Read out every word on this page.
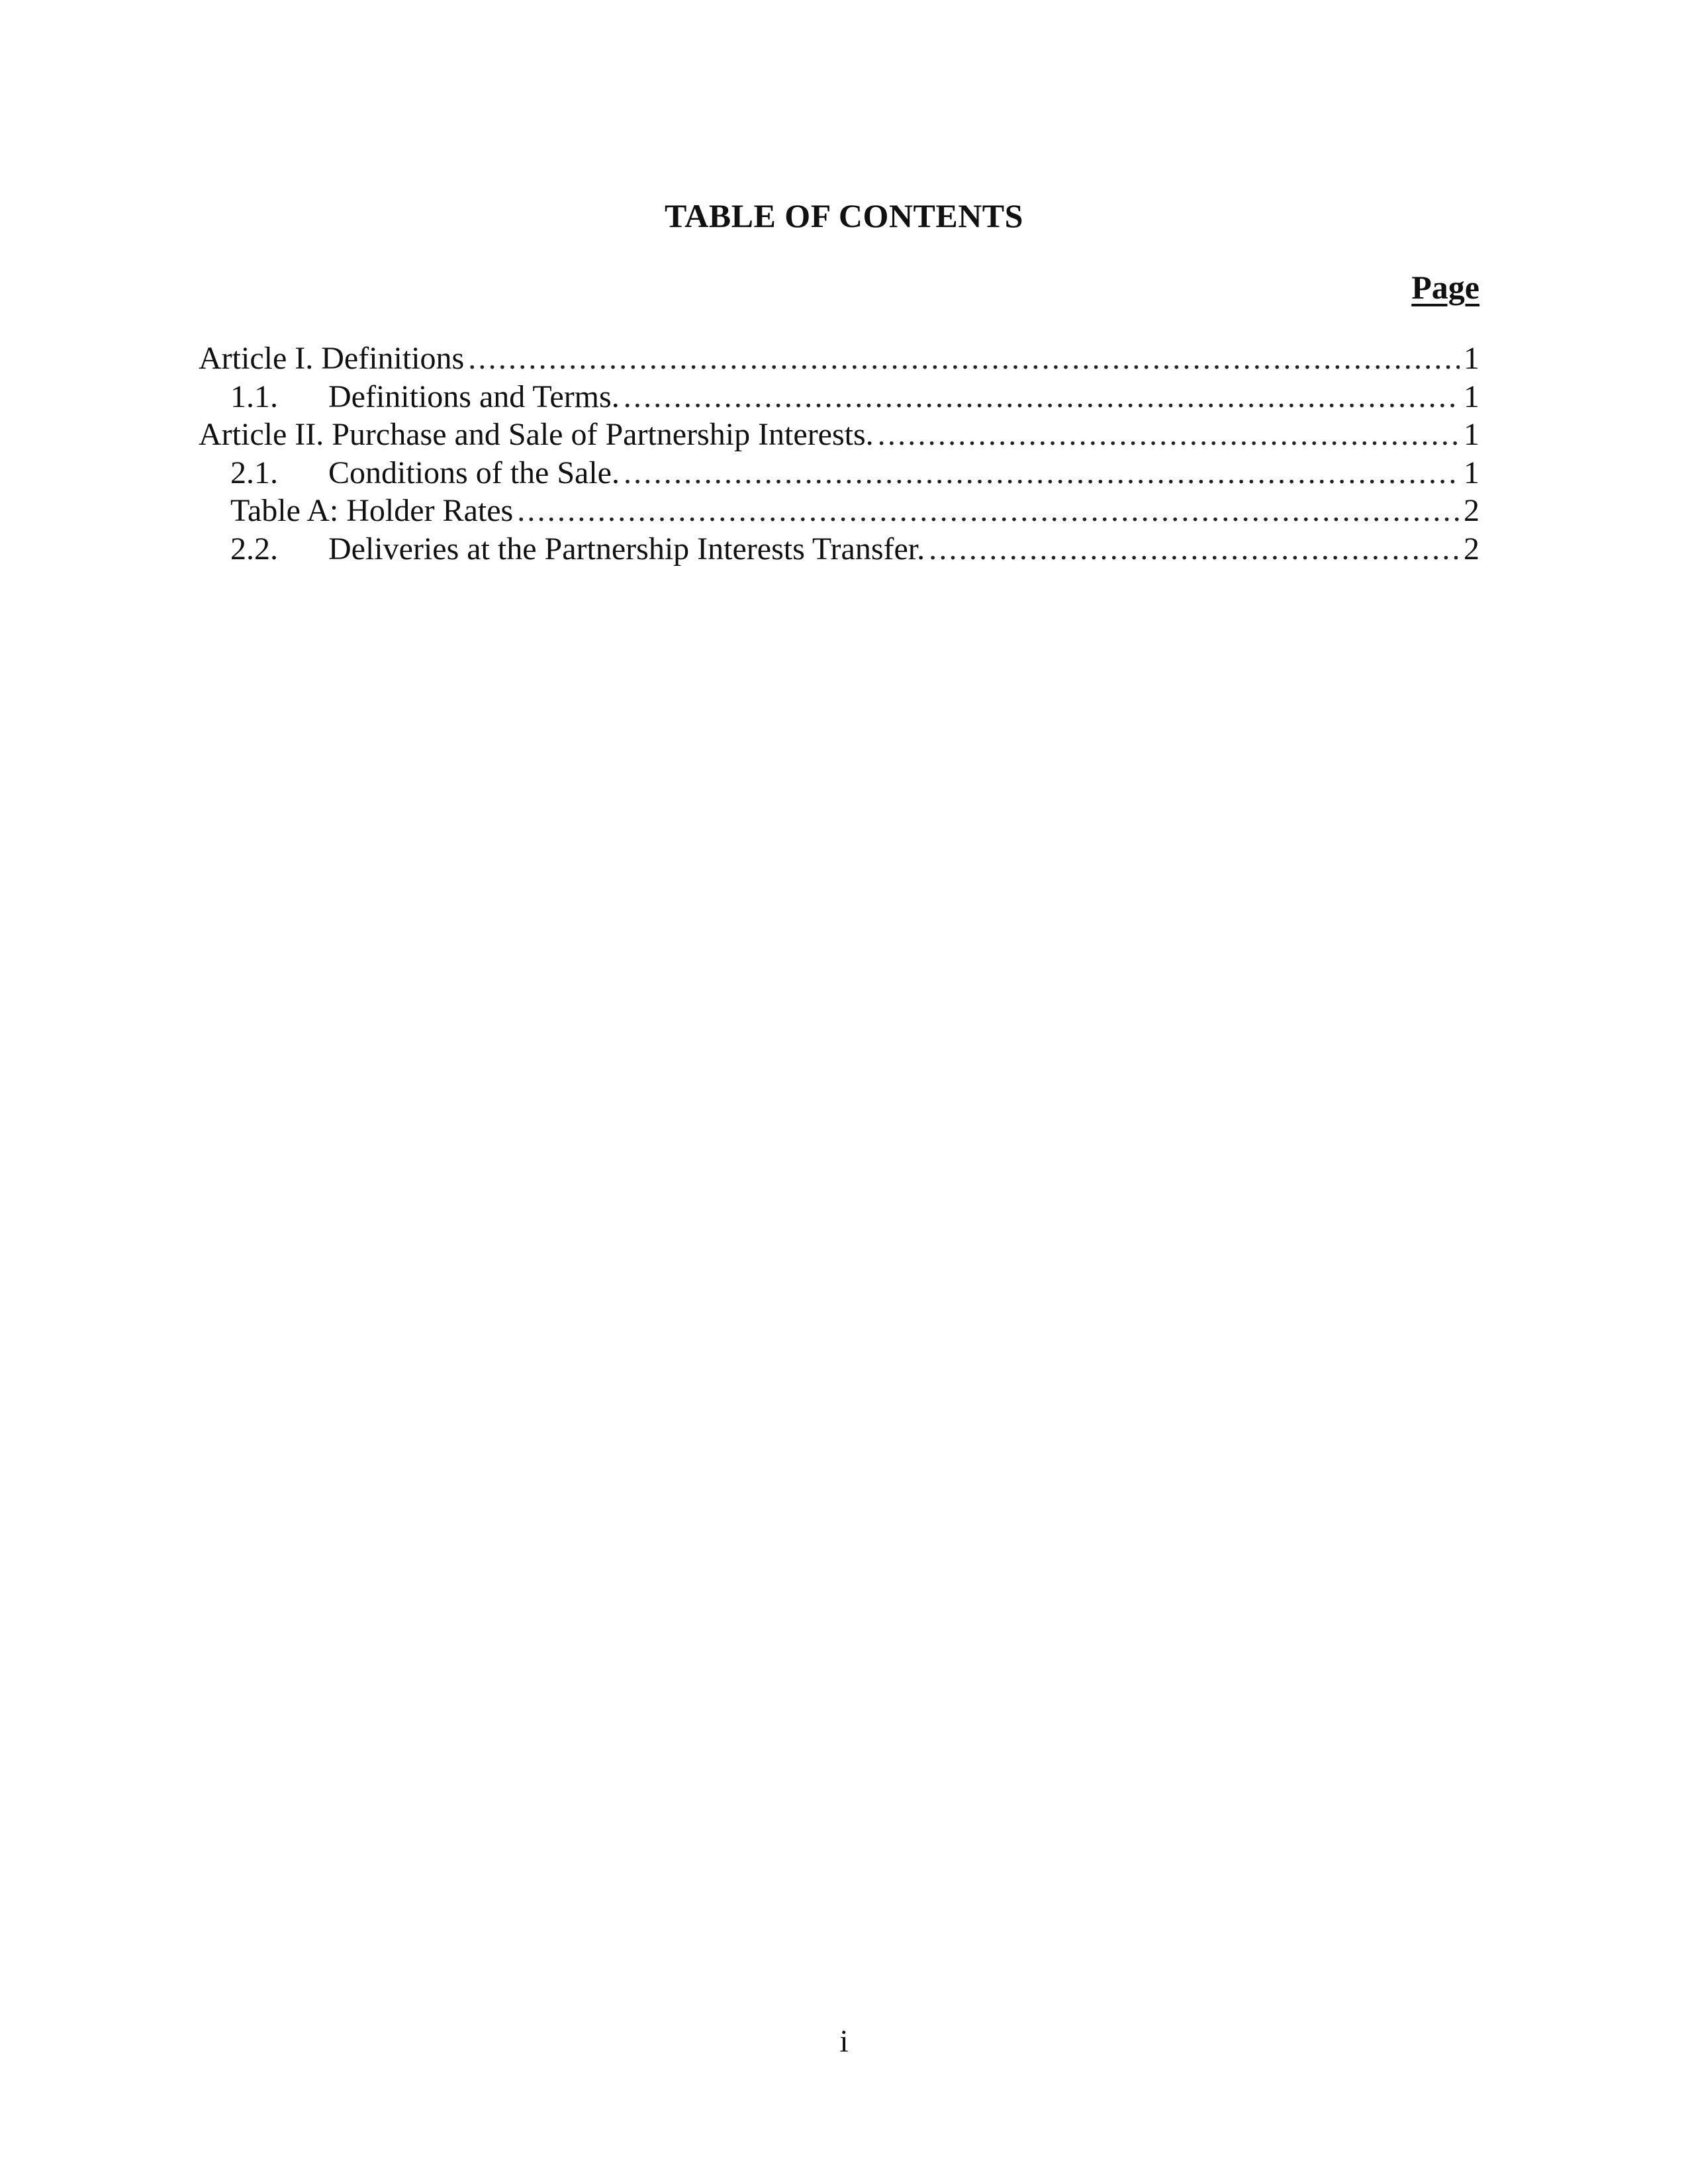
TABLE OF CONTENTS
Page
Article I. Definitions .....	1
1.1.	Definitions and Terms. .....	1
Article II. Purchase and Sale of Partnership Interests. .....	1
2.1.	Conditions of the Sale. .....	1
Table A: Holder Rates .....	2
2.2.	Deliveries at the Partnership Interests Transfer. .....	2
i
